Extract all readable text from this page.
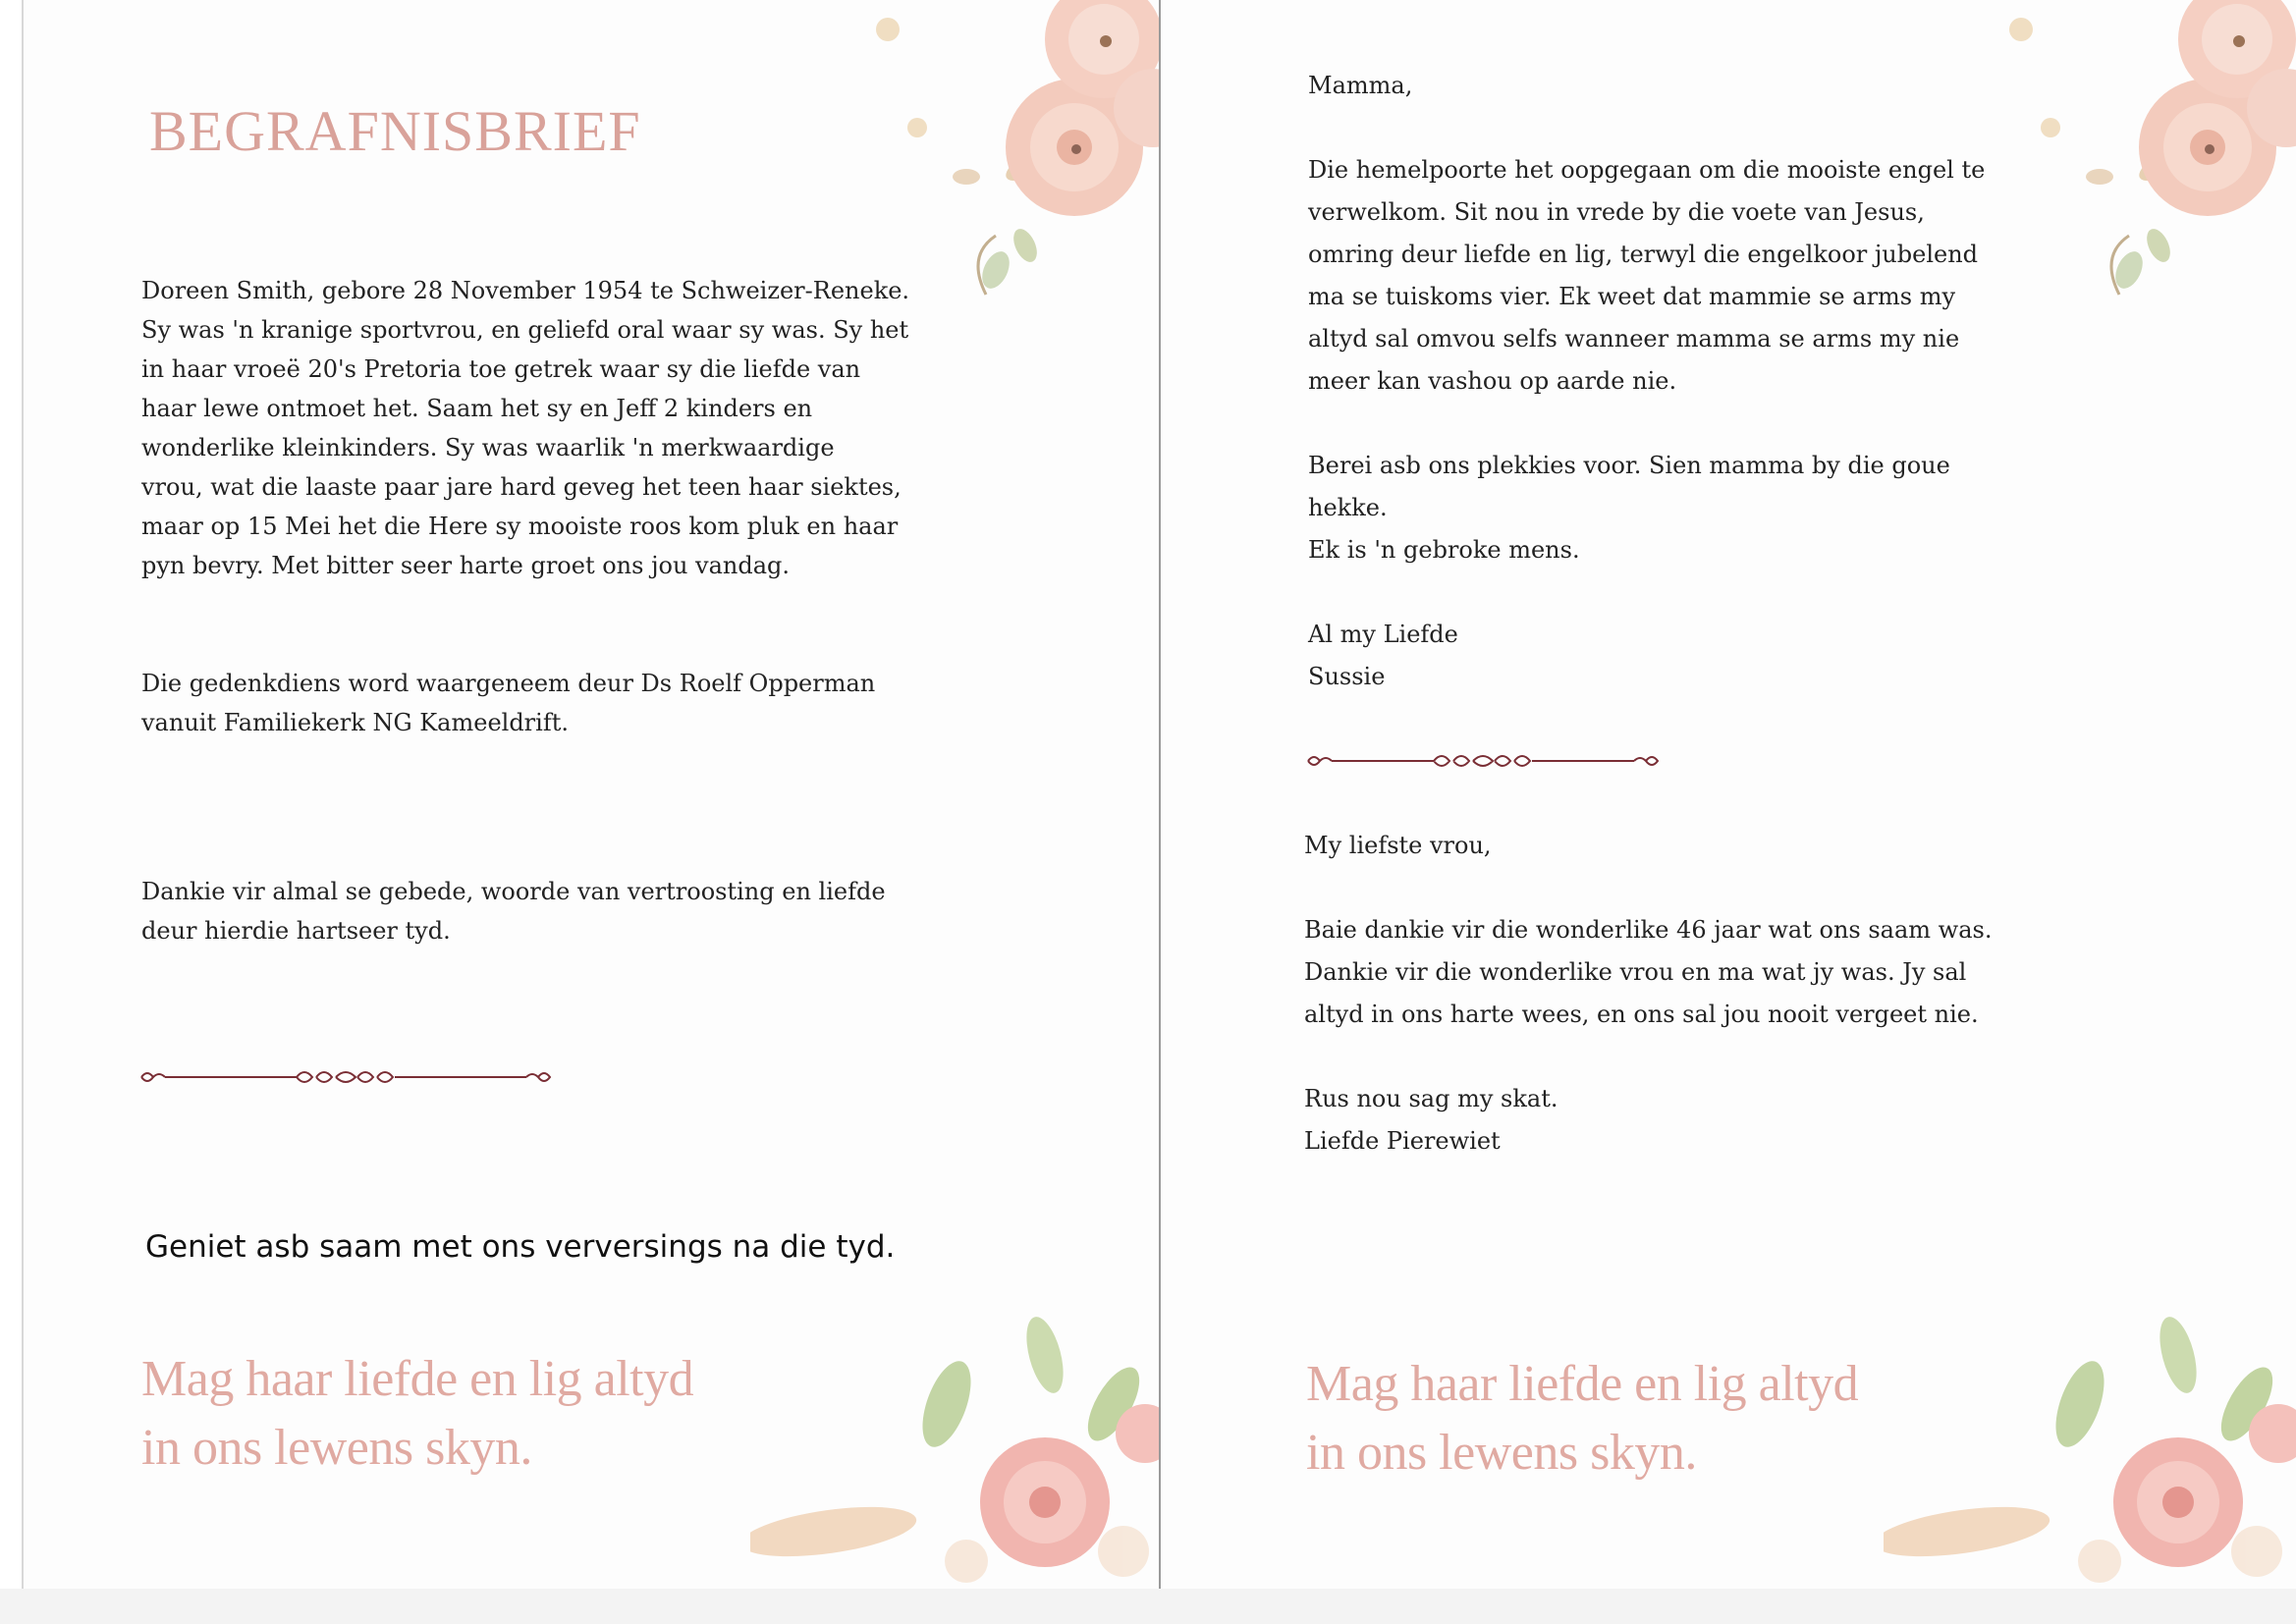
BEGRAFNISBRIEF

Doreen Smith, gebore 28 November 1954 te Schweizer-Reneke.
Sy was 'n kranige sportvrou, en geliefd oral waar sy was. Sy het
in haar vroeë 20's Pretoria toe getrek waar sy die liefde van
haar lewe ontmoet het. Saam het sy en Jeff 2 kinders en
wonderlike kleinkinders. Sy was waarlik 'n merkwaardige
vrou, wat die laaste paar jare hard geveg het teen haar siektes,
maar op 15 Mei het die Here sy mooiste roos kom pluk en haar
pyn bevry. Met bitter seer harte groet ons jou vandag.

Die gedenkdiens word waargeneem deur Ds Roelf Opperman
vanuit Familiekerk NG Kameeldrift.

Dankie vir almal se gebede, woorde van vertroosting en liefde
deur hierdie hartseer tyd.

Geniet asb saam met ons verversings na die tyd.

Mag haar liefde en lig altyd
in ons lewens skyn.

Mamma,

Die hemelpoorte het oopgegaan om die mooiste engel te
verwelkom. Sit nou in vrede by die voete van Jesus,
omring deur liefde en lig, terwyl die engelkoor jubelend
ma se tuiskoms vier. Ek weet dat mammie se arms my
altyd sal omvou selfs wanneer mamma se arms my nie
meer kan vashou op aarde nie.

Berei asb ons plekkies voor. Sien mamma by die goue
hekke.
Ek is 'n gebroke mens.

Al my Liefde
Sussie

My liefste vrou,

Baie dankie vir die wonderlike 46 jaar wat ons saam was.
Dankie vir die wonderlike vrou en ma wat jy was. Jy sal
altyd in ons harte wees, en ons sal jou nooit vergeet nie.

Rus nou sag my skat.
Liefde Pierewiet

Mag haar liefde en lig altyd
in ons lewens skyn.
